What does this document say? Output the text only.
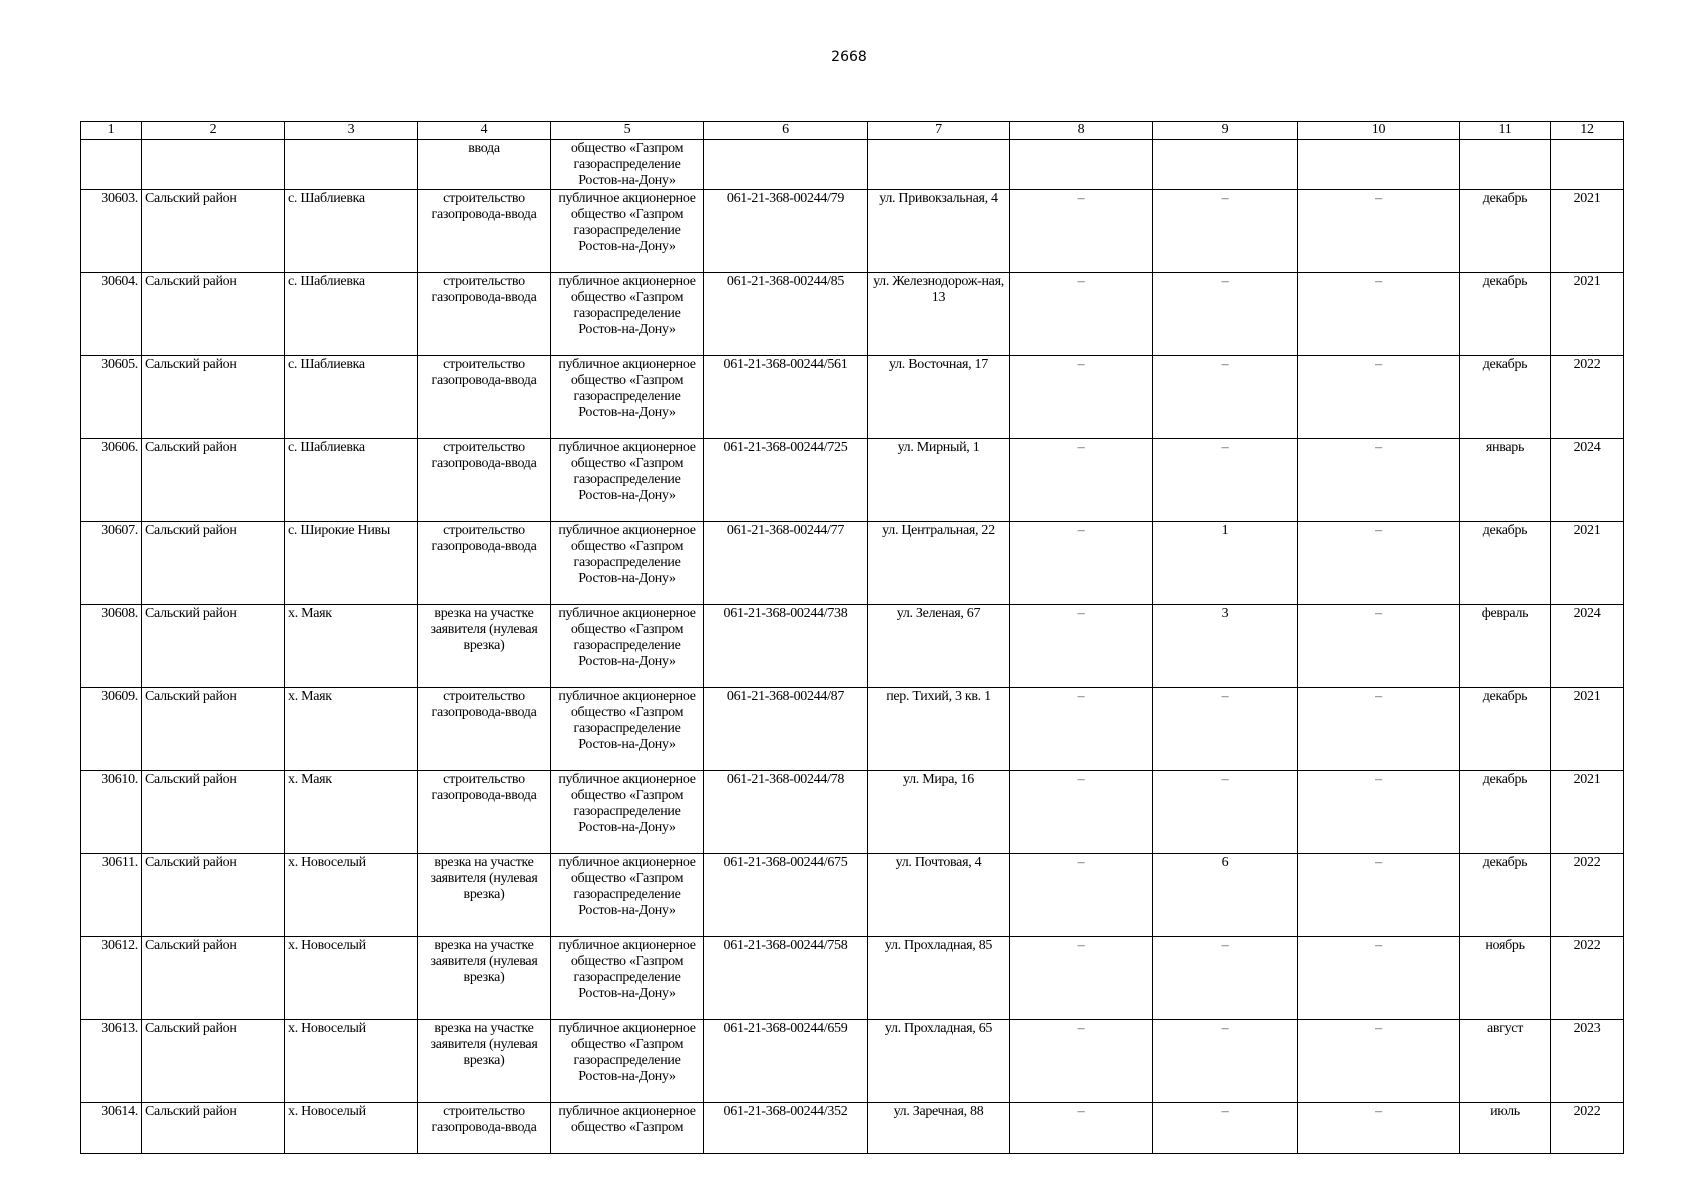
2668
1	2	3	4	5	6	7	8	9	10	11	12
			ввода	общество «Газпром газораспределение Ростов-на-Дону»							
30603.	Сальский район	с. Шаблиевка	строительство газопровода-ввода	публичное акционерное общество «Газпром газораспределение Ростов-на-Дону»	061-21-368-00244/79	ул. Привокзальная, 4	–	–	–	декабрь	2021
30604.	Сальский район	с. Шаблиевка	строительство газопровода-ввода	публичное акционерное общество «Газпром газораспределение Ростов-на-Дону»	061-21-368-00244/85	ул. Железнодорож-ная, 13	–	–	–	декабрь	2021
30605.	Сальский район	с. Шаблиевка	строительство газопровода-ввода	публичное акционерное общество «Газпром газораспределение Ростов-на-Дону»	061-21-368-00244/561	ул. Восточная, 17	–	–	–	декабрь	2022
30606.	Сальский район	с. Шаблиевка	строительство газопровода-ввода	публичное акционерное общество «Газпром газораспределение Ростов-на-Дону»	061-21-368-00244/725	ул. Мирный, 1	–	–	–	январь	2024
30607.	Сальский район	с. Широкие Нивы	строительство газопровода-ввода	публичное акционерное общество «Газпром газораспределение Ростов-на-Дону»	061-21-368-00244/77	ул. Центральная, 22	–	1	–	декабрь	2021
30608.	Сальский район	х. Маяк	врезка на участке заявителя (нулевая врезка)	публичное акционерное общество «Газпром газораспределение Ростов-на-Дону»	061-21-368-00244/738	ул. Зеленая, 67	–	3	–	февраль	2024
30609.	Сальский район	х. Маяк	строительство газопровода-ввода	публичное акционерное общество «Газпром газораспределение Ростов-на-Дону»	061-21-368-00244/87	пер. Тихий, 3 кв. 1	–	–	–	декабрь	2021
30610.	Сальский район	х. Маяк	строительство газопровода-ввода	публичное акционерное общество «Газпром газораспределение Ростов-на-Дону»	061-21-368-00244/78	ул. Мира, 16	–	–	–	декабрь	2021
30611.	Сальский район	х. Новоселый	врезка на участке заявителя (нулевая врезка)	публичное акционерное общество «Газпром газораспределение Ростов-на-Дону»	061-21-368-00244/675	ул. Почтовая, 4	–	6	–	декабрь	2022
30612.	Сальский район	х. Новоселый	врезка на участке заявителя (нулевая врезка)	публичное акционерное общество «Газпром газораспределение Ростов-на-Дону»	061-21-368-00244/758	ул. Прохладная, 85	–	–	–	ноябрь	2022
30613.	Сальский район	х. Новоселый	врезка на участке заявителя (нулевая врезка)	публичное акционерное общество «Газпром газораспределение Ростов-на-Дону»	061-21-368-00244/659	ул. Прохладная, 65	–	–	–	август	2023
30614.	Сальский район	х. Новоселый	строительство газопровода-ввода	публичное акционерное общество «Газпром	061-21-368-00244/352	ул. Заречная, 88	–	–	–	июль	2022
